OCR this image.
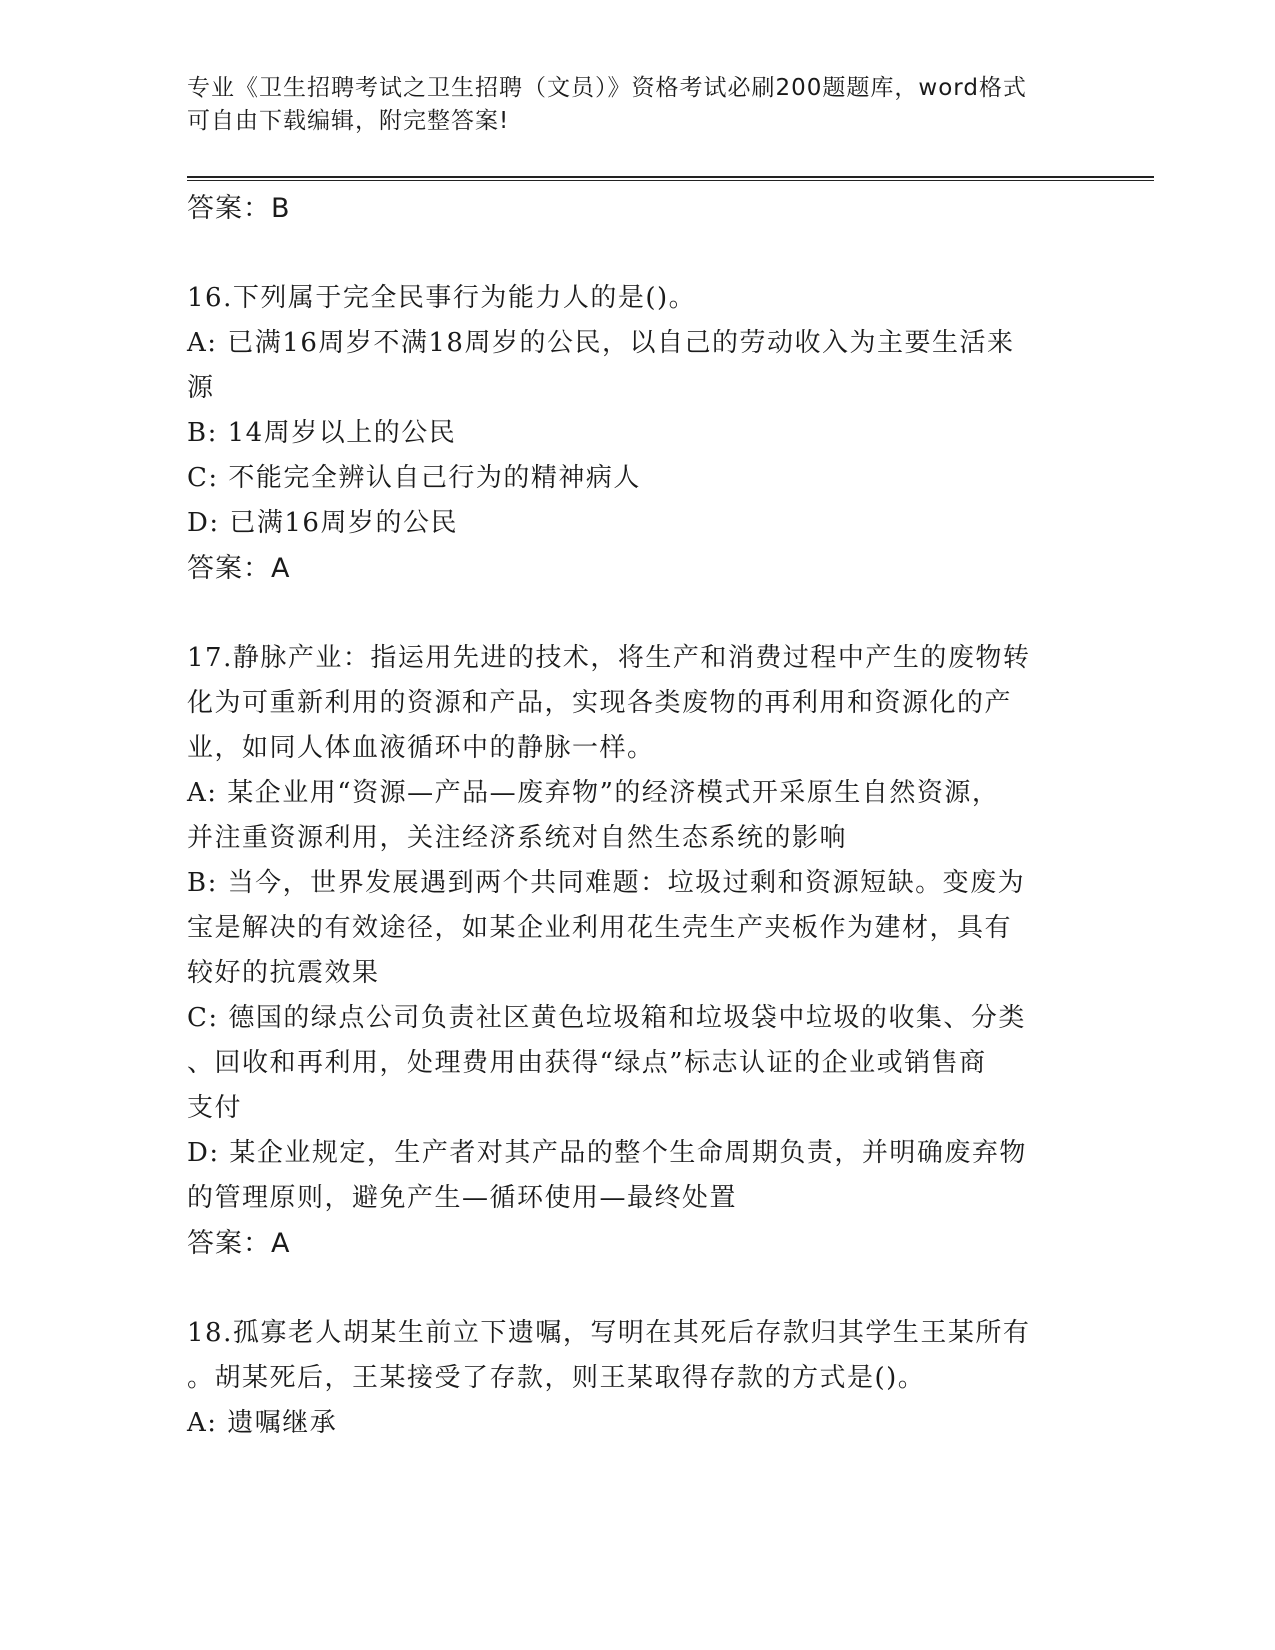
专业《卫生招聘考试之卫生招聘（文员）》资格考试必刷200题题库，word格式
可自由下载编辑，附完整答案!
答案：B
16.下列属于完全民事行为能力人的是()。
A: 已满16周岁不满18周岁的公民，以自己的劳动收入为主要生活来
源
B: 14周岁以上的公民
C: 不能完全辨认自己行为的精神病人
D: 已满16周岁的公民
答案：A
17.静脉产业：指运用先进的技术，将生产和消费过程中产生的废物转
化为可重新利用的资源和产品，实现各类废物的再利用和资源化的产
业，如同人体血液循环中的静脉一样。
A: 某企业用“资源—产品—废弃物”的经济模式开采原生自然资源，
并注重资源利用，关注经济系统对自然生态系统的影响
B: 当今，世界发展遇到两个共同难题：垃圾过剩和资源短缺。变废为
宝是解决的有效途径，如某企业利用花生壳生产夹板作为建材，具有
较好的抗震效果
C: 德国的绿点公司负责社区黄色垃圾箱和垃圾袋中垃圾的收集、分类
、回收和再利用，处理费用由获得“绿点”标志认证的企业或销售商
支付
D: 某企业规定，生产者对其产品的整个生命周期负责，并明确废弃物
的管理原则，避免产生—循环使用—最终处置
答案：A
18.孤寡老人胡某生前立下遗嘱，写明在其死后存款归其学生王某所有
。胡某死后，王某接受了存款，则王某取得存款的方式是()。
A: 遗嘱继承
